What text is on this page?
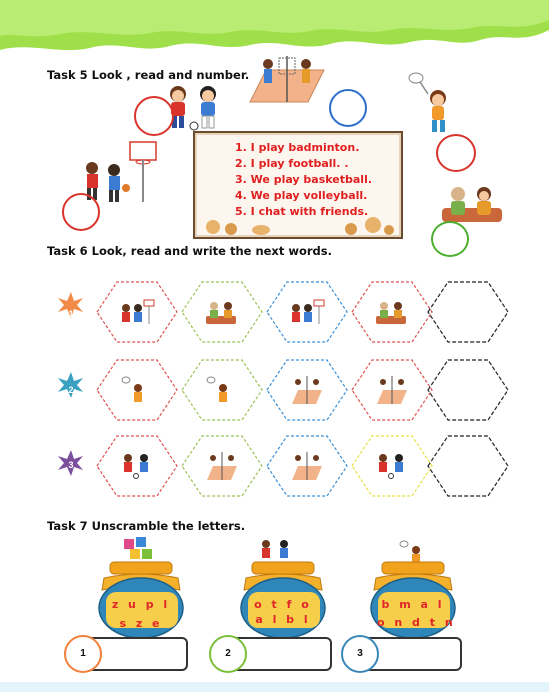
Task 5 Look , read and number.
1. I play badminton.
2. I play football. .
3. We play basketball.
4. We play volleyball.
5. I chat with friends.
Task 6 Look, read and write the next words.
1
2
3
Task 7 Unscramble the letters.
z u p l
s z e
o t f o
a l b l
b m a l
o n d t n
1	2	3
